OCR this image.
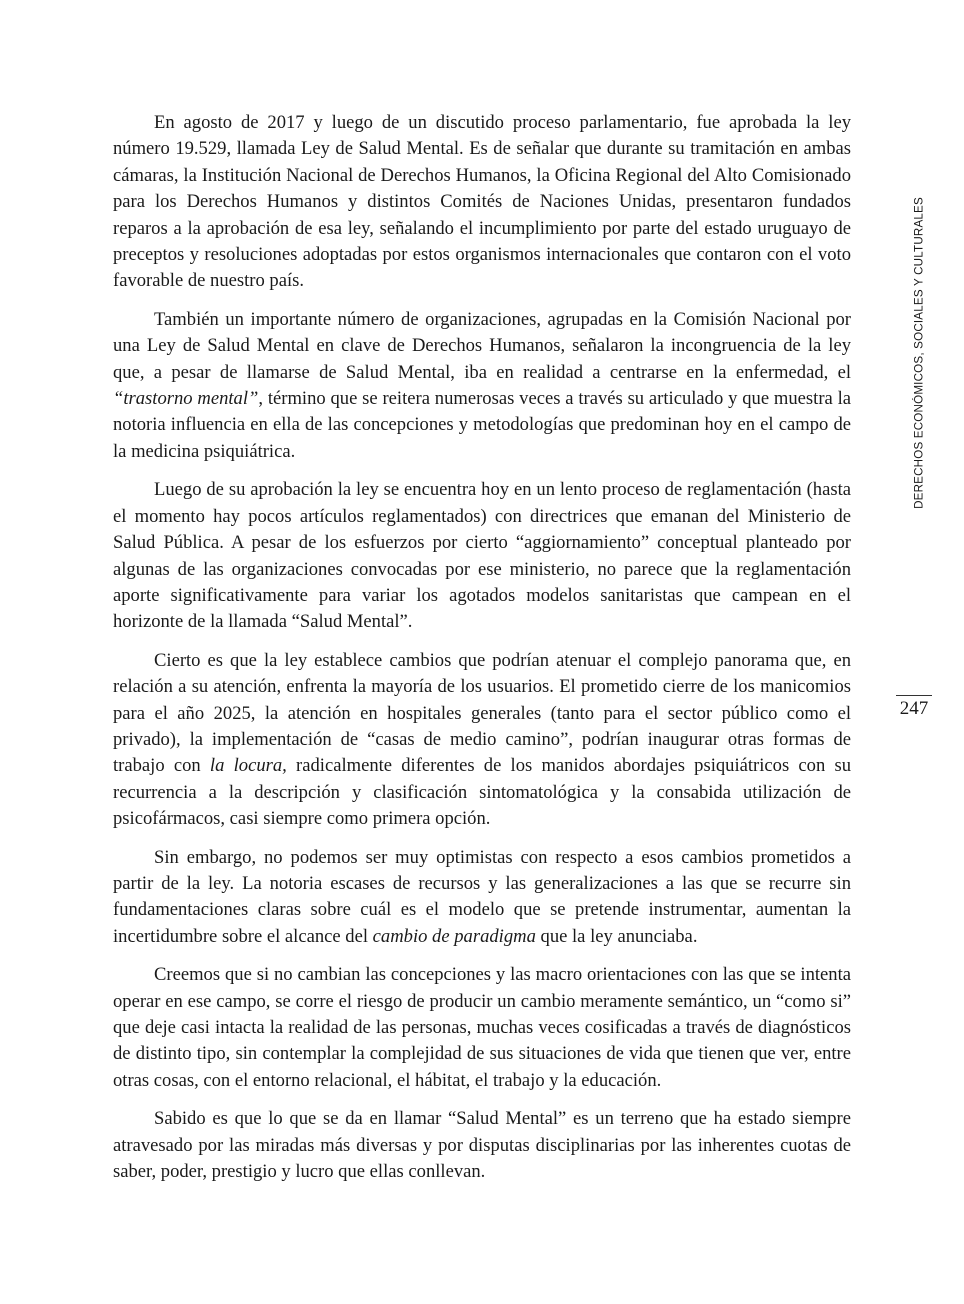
En agosto de 2017 y luego de un discutido proceso parlamentario, fue aprobada la ley número 19.529, llamada Ley de Salud Mental. Es de señalar que durante su tramitación en ambas cámaras, la Institución Nacional de Derechos Humanos, la Oficina Regional del Alto Comisionado para los Derechos Humanos y distintos Comités de Naciones Unidas, presentaron fundados reparos a la aprobación de esa ley, señalando el incumplimiento por parte del estado uruguayo de preceptos y resoluciones adoptadas por estos organismos internacionales que contaron con el voto favorable de nuestro país.

También un importante número de organizaciones, agrupadas en la Comisión Nacional por una Ley de Salud Mental en clave de Derechos Humanos, señalaron la incongruencia de la ley que, a pesar de llamarse de Salud Mental, iba en realidad a centrarse en la enfermedad, el “trastorno mental”, término que se reitera numerosas veces a través su articulado y que muestra la notoria influencia en ella de las concepciones y metodologías que predominan hoy en el campo de la medicina psiquiátrica.

Luego de su aprobación la ley se encuentra hoy en un lento proceso de reglamentación (hasta el momento hay pocos artículos reglamentados) con directrices que emanan del Ministerio de Salud Pública. A pesar de los esfuerzos por cierto “aggiornamiento” conceptual planteado por algunas de las organizaciones convocadas por ese ministerio, no parece que la reglamentación aporte significativamente para variar los agotados modelos sanitaristas que campean en el horizonte de la llamada “Salud Mental”.

Cierto es que la ley establece cambios que podrían atenuar el complejo panorama que, en relación a su atención, enfrenta la mayoría de los usuarios. El prometido cierre de los manicomios para el año 2025, la atención en hospitales generales (tanto para el sector público como el privado), la implementación de “casas de medio camino”, podrían inaugurar otras formas de trabajo con la locura, radicalmente diferentes de los manidos abordajes psiquiátricos con su recurrencia a la descripción y clasificación sintomatológica y la consabida utilización de psicofármacos, casi siempre como primera opción.

Sin embargo, no podemos ser muy optimistas con respecto a esos cambios prometidos a partir de la ley. La notoria escases de recursos y las generalizaciones a las que se recurre sin fundamentaciones claras sobre cuál es el modelo que se pretende instrumentar, aumentan la incertidumbre sobre el alcance del cambio de paradigma que la ley anunciaba.

Creemos que si no cambian las concepciones y las macro orientaciones con las que se intenta operar en ese campo, se corre el riesgo de producir un cambio meramente semántico, un “como si” que deje casi intacta la realidad de las personas, muchas veces cosificadas a través de diagnósticos de distinto tipo, sin contemplar la complejidad de sus situaciones de vida que tienen que ver, entre otras cosas, con el entorno relacional, el hábitat, el trabajo y la educación.

Sabido es que lo que se da en llamar “Salud Mental” es un terreno que ha estado siempre atravesado por las miradas más diversas y por disputas disciplinarias por las inherentes cuotas de saber, poder, prestigio y lucro que ellas conllevan.

DERECHOS ECONÓMICOS, SOCIALES Y CULTURALES
247
